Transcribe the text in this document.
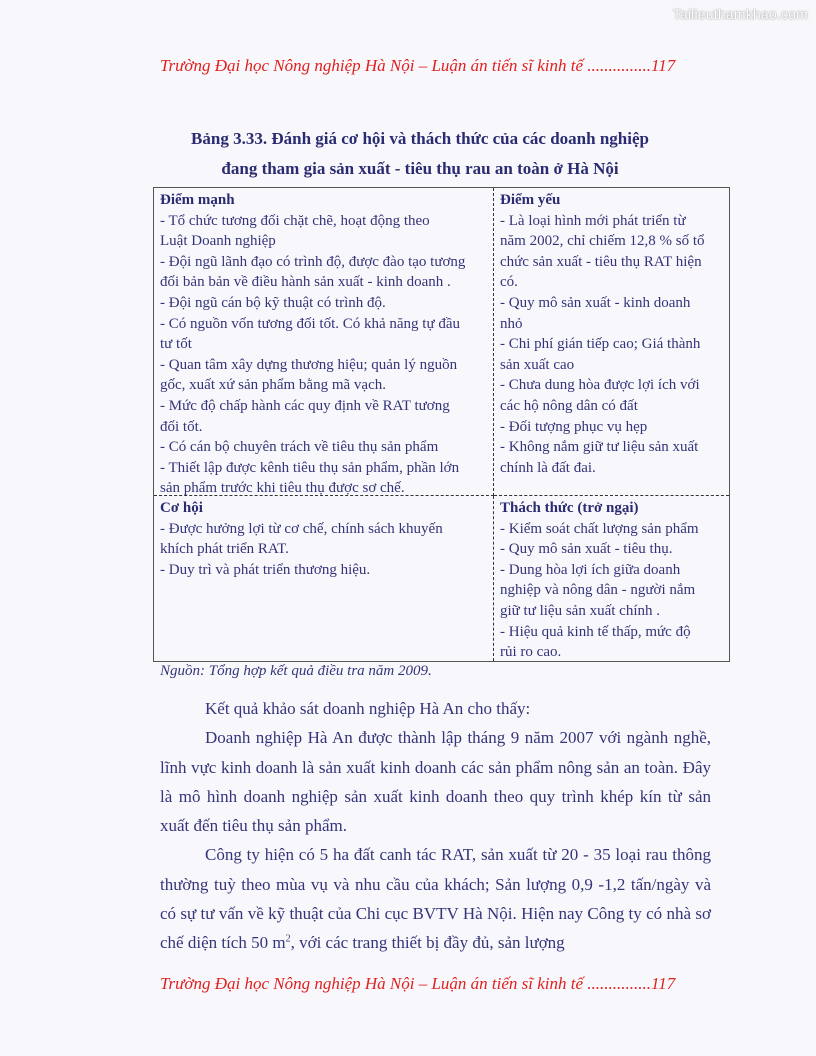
Tailieuthamkhao.com
Trường Đại học Nông nghiệp Hà Nội – Luận án tiến sĩ kinh tế ...............117
Bảng 3.33. Đánh giá cơ hội và thách thức của các doanh nghiệp
đang tham gia sản xuất - tiêu thụ rau an toàn ở Hà Nội
Điểm mạnh
- Tổ chức tương đối chặt chẽ, hoạt động theo
Luật Doanh nghiệp
- Đội ngũ lãnh đạo có trình độ, được đào tạo tương
đối bản bản về điều hành sản xuất - kinh doanh .
- Đội ngũ cán bộ kỹ thuật có trình độ.
- Có nguồn vốn tương đối tốt. Có khả năng tự đầu
tư tốt
- Quan tâm xây dựng thương hiệu; quản lý nguồn
gốc, xuất xứ sản phẩm bằng mã vạch.
- Mức độ chấp hành các quy định về RAT tương
đối tốt.
- Có cán bộ chuyên trách về tiêu thụ sản phẩm
- Thiết lập được kênh tiêu thụ sản phẩm, phần lớn
sản phẩm trước khi tiêu thụ được sơ chế.
Điểm yếu
- Là loại hình mới phát triển từ
năm 2002, chỉ chiếm 12,8 % số tổ
chức sản xuất - tiêu thụ RAT hiện
có.
- Quy mô sản xuất - kinh doanh
nhỏ
- Chi phí gián tiếp cao; Giá thành
sản xuất cao
- Chưa dung hòa được lợi ích với
các hộ nông dân có đất
- Đối tượng phục vụ hẹp
- Không nắm giữ tư liệu sản xuất
chính là đất đai.
Cơ hội
- Được hưởng lợi từ cơ chế, chính sách khuyến
khích phát triển RAT.
- Duy trì và phát triển thương hiệu.
Thách thức (trở ngại)
- Kiểm soát chất lượng sản phẩm
- Quy mô sản xuất - tiêu thụ.
- Dung hòa lợi ích giữa doanh
nghiệp và nông dân - người nắm
giữ tư liệu sản xuất chính .
- Hiệu quả kinh tế thấp, mức độ
rủi ro cao.
Nguồn: Tổng hợp kết quả điều tra năm 2009.

Kết quả khảo sát doanh nghiệp Hà An cho thấy:

Doanh nghiệp Hà An được thành lập tháng 9 năm 2007 với ngành nghề, lĩnh vực kinh doanh là sản xuất kinh doanh các sản phẩm nông sản an toàn. Đây là mô hình doanh nghiệp sản xuất kinh doanh theo quy trình khép kín từ sản xuất đến tiêu thụ sản phẩm.

Công ty hiện có 5 ha đất canh tác RAT, sản xuất từ 20 - 35 loại rau thông thường tuỳ theo mùa vụ và nhu cầu của khách; Sản lượng 0,9 -1,2 tấn/ngày và có sự tư vấn về kỹ thuật của Chi cục BVTV Hà Nội. Hiện nay Công ty có nhà sơ chế diện tích 50 $m^2$, với các trang thiết bị đầy đủ, sản lượng

Trường Đại học Nông nghiệp Hà Nội – Luận án tiến sĩ kinh tế ...............117
